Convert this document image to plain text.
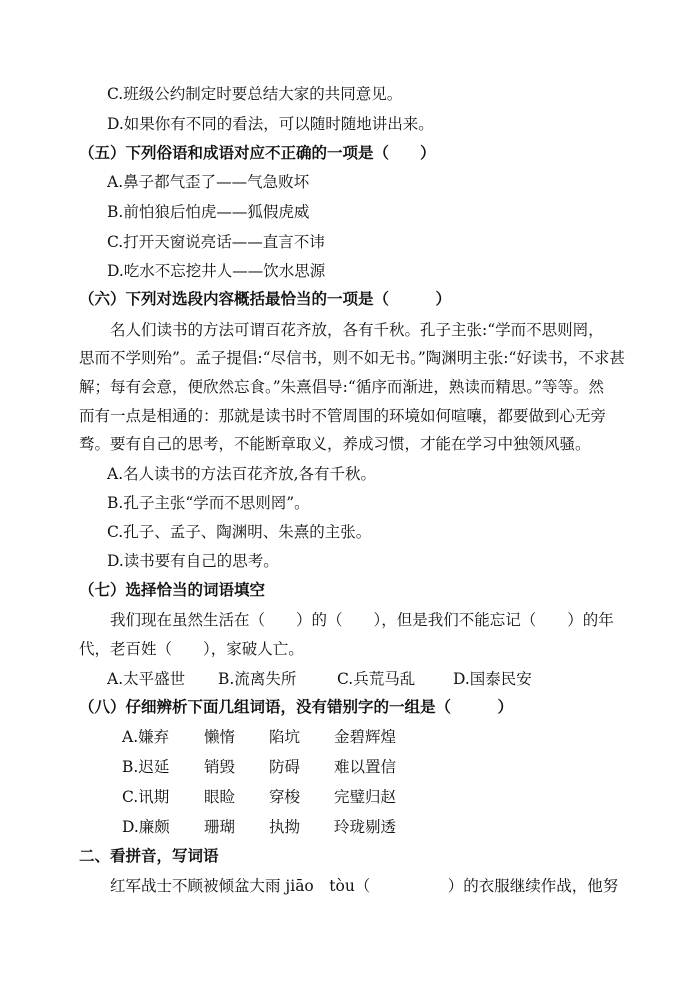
C.班级公约制定时要总结大家的共同意见。
D.如果你有不同的看法，可以随时随地讲出来。
（五）下列俗语和成语对应不正确的一项是（　　）
A.鼻子都气歪了——气急败坏
B.前怕狼后怕虎——狐假虎威
C.打开天窗说亮话——直言不讳
D.吃水不忘挖井人——饮水思源
（六）下列对选段内容概括最恰当的一项是（　　　）
　　名人们读书的方法可谓百花齐放，各有千秋。孔子主张:“学而不思则罔，
思而不学则殆”。孟子提倡:“尽信书，则不如无书。”陶渊明主张:“好读书，不求甚
解；每有会意，便欣然忘食。”朱熹倡导:“循序而渐进，熟读而精思。”等等。然
而有一点是相通的：那就是读书时不管周围的环境如何喧嚷，都要做到心无旁
骛。要有自己的思考，不能断章取义，养成习惯，才能在学习中独领风骚。
A.名人读书的方法百花齐放,各有千秋。
B.孔子主张“学而不思则罔”。
C.孔子、孟子、陶渊明、朱熹的主张。
D.读书要有自己的思考。
（七）选择恰当的词语填空
　　我们现在虽然生活在（　　）的（　　），但是我们不能忘记（　　）的年
代，老百姓（　　），家破人亡。
A.太平盛世 B.流离失所	C.兵荒马乱 D.国泰民安
（八）仔细辨析下面几组词语，没有错别字的一组是（　　　）
A.嫌弃 懒惰 陷坑 金碧辉煌
B.迟延 销毁 防碍 难以置信
C.讯期 眼睑 穿梭 完璧归赵
D.廉颇 珊瑚 执拗 玲珑剔透
二、看拼音，写词语
　　红军战士不顾被倾盆大雨 jiāo　tòu（　　　　　）的衣服继续作战，他努
